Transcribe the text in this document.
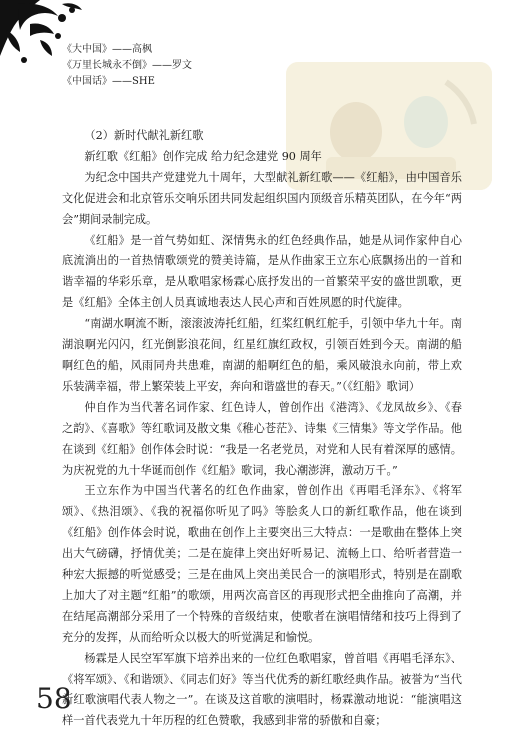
《大中国》——高枫
《万里长城永不倒》——罗文
《中国话》——SHE

（2）新时代献礼新红歌

新红歌《红船》创作完成 给力纪念建党 90 周年

为纪念中国共产党建党九十周年，大型献礼新红歌——《红船》，由中国音乐文化促进会和北京管乐交响乐团共同发起组织国内顶级音乐精英团队，在今年“两会”期间录制完成。

《红船》是一首气势如虹、深情隽永的红色经典作品，她是从词作家仲自心底流淌出的一首热情歌颂党的赞美诗篇，是从作曲家王立东心底飘扬出的一首和谐幸福的华彩乐章，是从歌唱家杨霖心底抒发出的一首繁荣平安的盛世凯歌，更是《红船》全体主创人员真诚地表达人民心声和百姓夙愿的时代旋律。

“南湖水啊流不断，滚滚波涛托红船，红桨红帆红舵手，引领中华九十年。南湖浪啊光闪闪，红光倒影浪花间，红星红旗红政权，引领百姓到今天。南湖的船啊红色的船，风雨同舟共患难，南湖的船啊红色的船，乘风破浪永向前，带上欢乐装满幸福，带上繁荣装上平安，奔向和谐盛世的春天。”（《红船》歌词）

仲自作为当代著名词作家、红色诗人，曾创作出《港湾》、《龙凤故乡》、《春之韵》、《喜歌》等红歌词及散文集《稚心苍茫》、诗集《三情集》等文学作品。他在谈到《红船》创作体会时说：“我是一名老党员，对党和人民有着深厚的感情。为庆祝党的九十华诞而创作《红船》歌词，我心潮澎湃，激动万千。”

王立东作为中国当代著名的红色作曲家，曾创作出《再唱毛泽东》、《将军颂》、《热泪颂》、《我的祝福你听见了吗》等脍炙人口的新红歌作品，他在谈到《红船》创作体会时说，歌曲在创作上主要突出三大特点：一是歌曲在整体上突出大气磅礴，抒情优美；二是在旋律上突出好听易记、流畅上口、给听者营造一种宏大振撼的听觉感受；三是在曲风上突出美民合一的演唱形式，特别是在副歌上加大了对主题“红船”的歌颂，用两次高音区的再现形式把全曲推向了高潮，并在结尾高潮部分采用了一个特殊的音级结束，使歌者在演唱情绪和技巧上得到了充分的发挥，从而给听众以极大的听觉满足和愉悦。

杨霖是人民空军军旗下培养出来的一位红色歌唱家，曾首唱《再唱毛泽东》、《将军颂》、《和谐颂》、《同志们好》等当代优秀的新红歌经典作品。被誉为“当代新红歌演唱代表人物之一”。在谈及这首歌的演唱时，杨霖激动地说：“能演唱这样一首代表党九十年历程的红色赞歌，我感到非常的骄傲和自豪；

58
